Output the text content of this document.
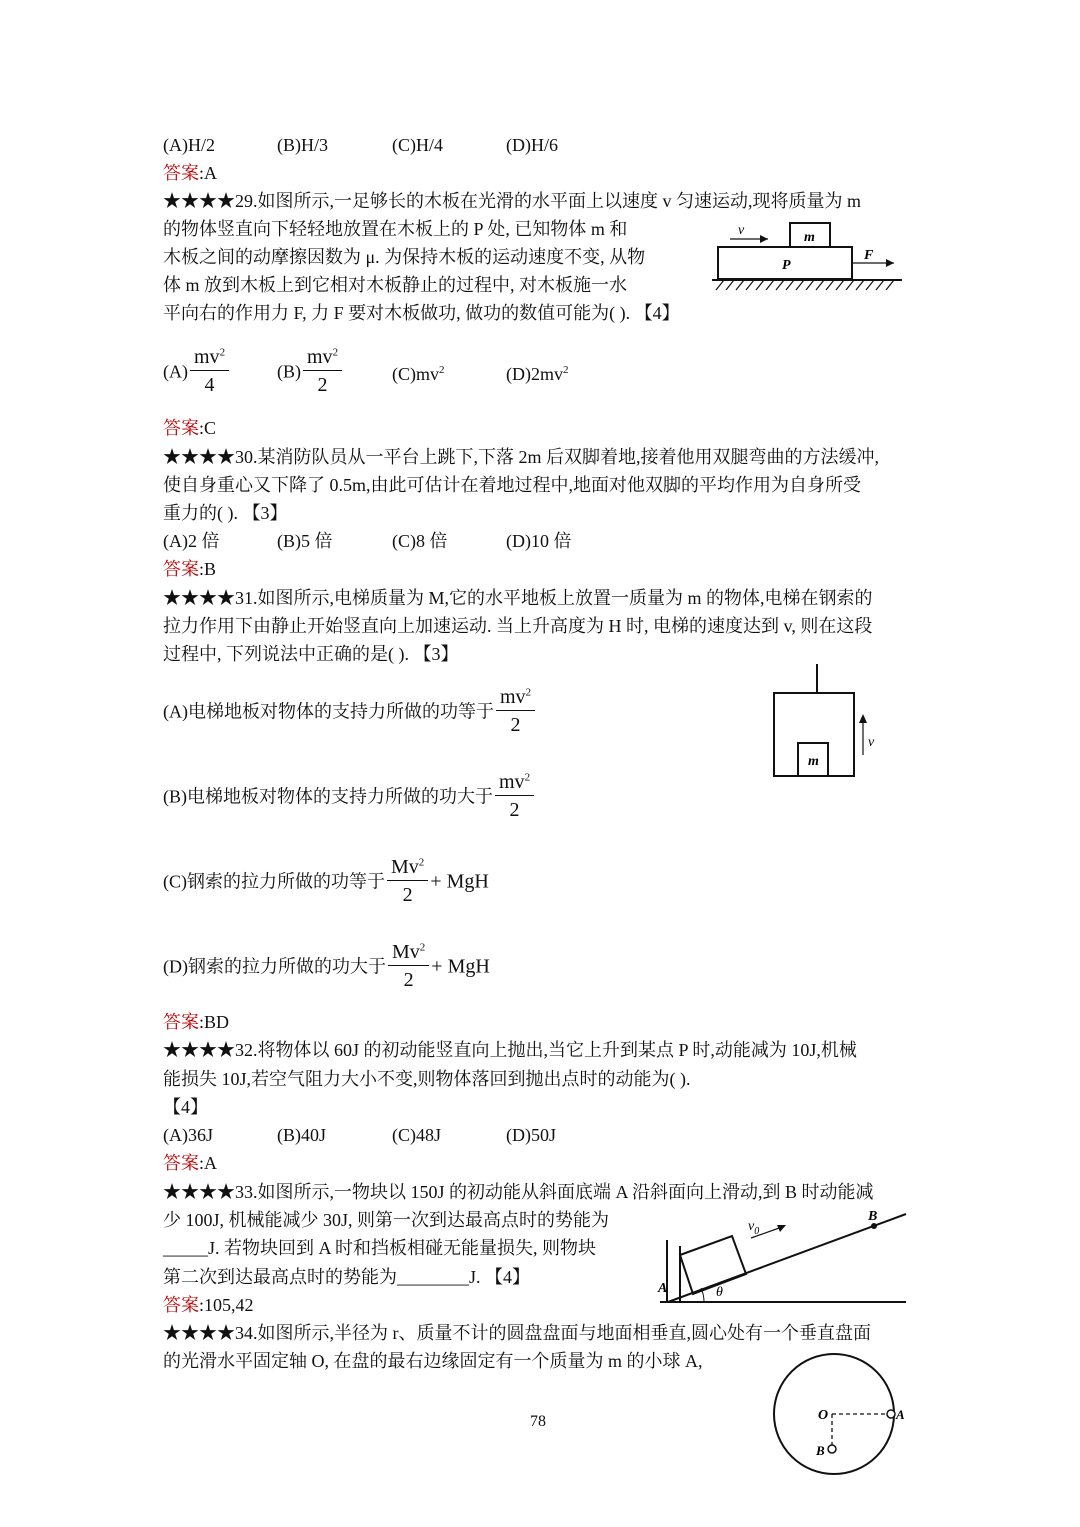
(A)H/2	(B)H/3	(C)H/4	(D)H/6
答案:A
★★★★29.如图所示,一足够长的木板在光滑的水平面上以速度 v 匀速运动,现将质量为 m
的物体竖直向下轻轻地放置在木板上的 P 处, 已知物体 m 和
木板之间的动摩擦因数为 μ. 为保持木板的运动速度不变, 从物
体 m 放到木板上到它相对木板静止的过程中, 对木板施一水
平向右的作用力 F, 力 F 要对木板做功, 做功的数值可能为( ). 【4】
v	m
P
F
$(A) \frac{mv^2}{4}$	$(B) \frac{mv^2}{2}$	$(C)mv^2$	$(D)2mv^2$
答案:C
★★★★30.某消防队员从一平台上跳下,下落 2m 后双脚着地,接着他用双腿弯曲的方法缓冲,
使自身重心又下降了 0.5m,由此可估计在着地过程中,地面对他双脚的平均作用为自身所受
重力的( ). 【3】
(A)2 倍	(B)5 倍	(C)8 倍	(D)10 倍
答案:B
★★★★31.如图所示,电梯质量为 M,它的水平地板上放置一质量为 m 的物体,电梯在钢索的
拉力作用下由静止开始竖直向上加速运动. 当上升高度为 H 时, 电梯的速度达到 v, 则在这段
过程中, 下列说法中正确的是( ). 【3】
v
m
(A)电梯地板对物体的支持力所做的功等于 $\frac{mv^2}{2}$
(B)电梯地板对物体的支持力所做的功大于 $\frac{mv^2}{2}$
(C)钢索的拉力所做的功等于 $\frac{Mv^2}{2}$ + MgH
(D)钢索的拉力所做的功大于 $\frac{Mv^2}{2}$ + MgH
答案:BD
★★★★32.将物体以 60J 的初动能竖直向上抛出,当它上升到某点 P 时,动能减为 10J,机械
能损失 10J,若空气阻力大小不变,则物体落回到抛出点时的动能为( ).
【4】
(A)36J	(B)40J	(C)48J	(D)50J
答案:A
★★★★33.如图所示,一物块以 150J 的初动能从斜面底端 A 沿斜面向上滑动,到 B 时动能减
少 100J, 机械能减少 30J, 则第一次到达最高点时的势能为
_____J. 若物块回到 A 时和挡板相碰无能量损失, 则物块
第二次到达最高点时的势能为________J. 【4】
答案:105,42
A
B
$v_0$
θ
★★★★34.如图所示,半径为 r、质量不计的圆盘盘面与地面相垂直,圆心处有一个垂直盘面
的光滑水平固定轴 O, 在盘的最右边缘固定有一个质量为 m 的小球 A,
O	A
B
78
